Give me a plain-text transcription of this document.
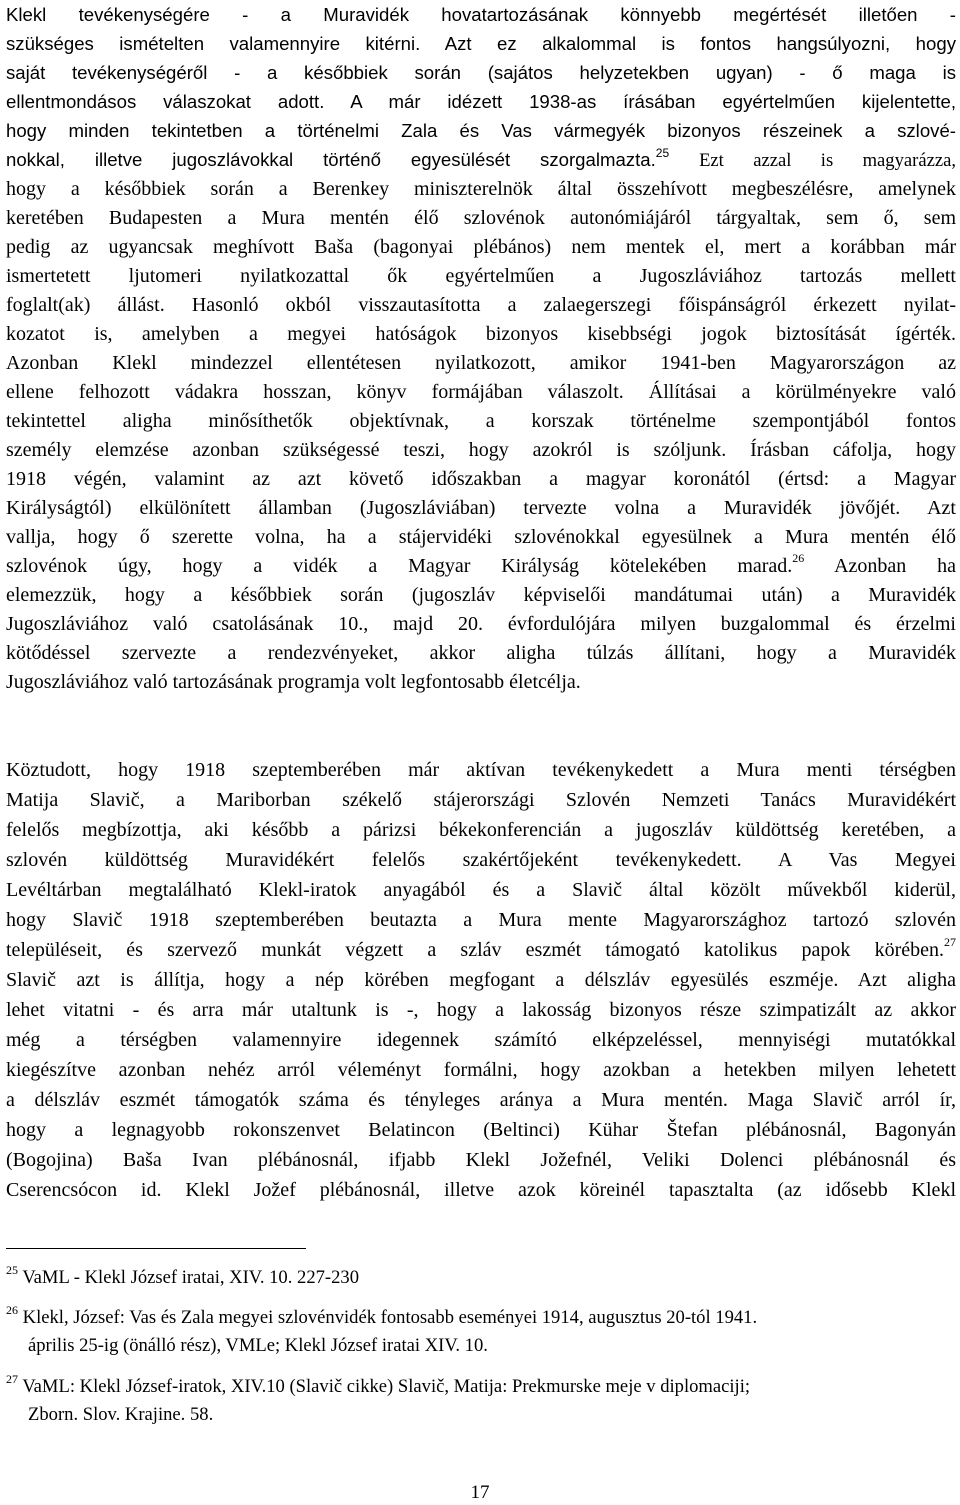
Klekl tevékenységére - a Muravidék hovatartozásának könnyebb megértését illetően -
szükséges ismételten valamennyire kitérni. Azt ez alkalommal is fontos hangsúlyozni, hogy
saját tevékenységéről - a későbbiek során (sajátos helyzetekben ugyan) - ő maga is
ellentmondásos válaszokat adott. A már idézett 1938-as írásában egyértelműen kijelentette,
hogy minden tekintetben a történelmi Zala és Vas vármegyék bizonyos részeinek a szlové-
nokkal, illetve jugoszlávokkal történő egyesülését szorgalmazta.$^{25}$ Ezt azzal is magyarázza,
hogy a későbbiek során a Berenkey miniszterelnök által összehívott megbeszélésre, amelynek
keretében Budapesten a Mura mentén élő szlovénok autonómiájáról tárgyaltak, sem ő, sem
pedig az ugyancsak meghívott Baša (bagonyai plébános) nem mentek el, mert a korábban már
ismertetett ljutomeri nyilatkozattal ők egyértelműen a Jugoszláviához tartozás mellett
foglalt(ak) állást. Hasonló okból visszautasította a zalaegerszegi főispánságról érkezett nyilat-
kozatot is, amelyben a megyei hatóságok bizonyos kisebbségi jogok biztosítását ígérték.
Azonban Klekl mindezzel ellentétesen nyilatkozott, amikor 1941-ben Magyarországon az
ellene felhozott vádakra hosszan, könyv formájában válaszolt. Állításai a körülményekre való
tekintettel aligha minősíthetők objektívnak, a korszak történelme szempontjából fontos
személy elemzése azonban szükségessé teszi, hogy azokról is szóljunk. Írásban cáfolja, hogy
1918 végén, valamint az azt követő időszakban a magyar koronától (értsd: a Magyar
Királyságtól) elkülönített államban (Jugoszláviában) tervezte volna a Muravidék jövőjét. Azt
vallja, hogy ő szerette volna, ha a stájervidéki szlovénokkal egyesülnek a Mura mentén élő
szlovénok úgy, hogy a vidék a Magyar Királyság kötelekében marad.$^{26}$ Azonban ha
elemezzük, hogy a későbbiek során (jugoszláv képviselői mandátumai után) a Muravidék
Jugoszláviához való csatolásának 10., majd 20. évfordulójára milyen buzgalommal és érzelmi
kötődéssel szervezte a rendezvényeket, akkor aligha túlzás állítani, hogy a Muravidék
Jugoszláviához való tartozásának programja volt legfontosabb életcélja.
Köztudott, hogy 1918 szeptemberében már aktívan tevékenykedett a Mura menti térségben
Matija Slavič, a Mariborban székelő stájerországi Szlovén Nemzeti Tanács Muravidékért
felelős megbízottja, aki később a párizsi békekonferencián a jugoszláv küldöttség keretében, a
szlovén küldöttség Muravidékért felelős szakértőjeként tevékenykedett. A Vas Megyei
Levéltárban megtalálható Klekl-iratok anyagából és a Slavič által közölt művekből kiderül,
hogy Slavič 1918 szeptemberében beutazta a Mura mente Magyarországhoz tartozó szlovén
településeit, és szervező munkát végzett a szláv eszmét támogató katolikus papok körében.$^{27}$
Slavič azt is állítja, hogy a nép körében megfogant a délszláv egyesülés eszméje. Azt aligha
lehet vitatni - és arra már utaltunk is -, hogy a lakosság bizonyos része szimpatizált az akkor
még a térségben valamennyire idegennek számító elképzeléssel, mennyiségi mutatókkal
kiegészítve azonban nehéz arról véleményt formálni, hogy azokban a hetekben milyen lehetett
a délszláv eszmét támogatók száma és tényleges aránya a Mura mentén. Maga Slavič arról ír,
hogy a legnagyobb rokonszenvet Belatincon (Beltinci) Kühar Štefan plébánosnál, Bagonyán
(Bogojina) Baša Ivan plébánosnál, ifjabb Klekl Jožefnél, Veliki Dolenci plébánosnál és
Cserencsócon id. Klekl Jožef plébánosnál, illetve azok köreinél tapasztalta (az idősebb Klekl
$^{25}$ VaML - Klekl József iratai, XIV. 10. 227-230
$^{26}$ Klekl, József: Vas és Zala megyei szlovénvidék fontosabb eseményei 1914, augusztus 20-tól 1941.
április 25-ig (önálló rész), VMLe; Klekl József iratai XIV. 10.
$^{27}$ VaML: Klekl József-iratok, XIV.10 (Slavič cikke) Slavič, Matija: Prekmurske meje v diplomaciji;
Zborn. Slov. Krajine. 58.
17
